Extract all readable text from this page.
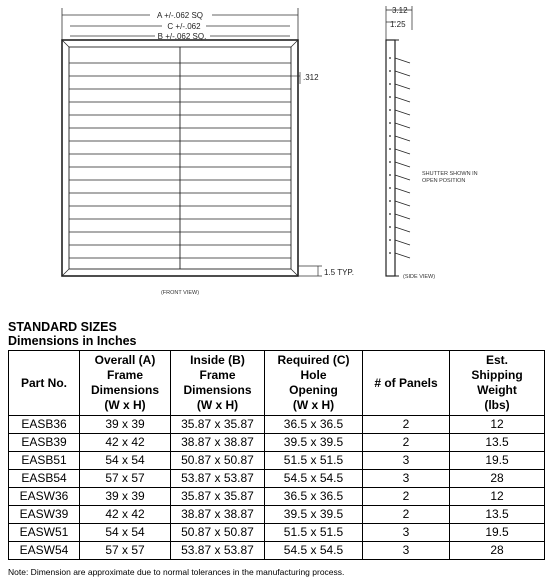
A +/-.062 SQ
C +/-.062
B +/-.062 SQ.
.312
1.5 TYP.
(FRONT VIEW)
3.12
1.25
SHUTTER SHOWN IN
OPEN POSITION
(SIDE VIEW)
STANDARD SIZES
Dimensions in Inches
Part No.	Overall (A)
Frame
Dimensions
(W x H)	Inside (B)
Frame
Dimensions
(W x H)	Required (C)
Hole
Opening
(W x H)	# of Panels	Est.
Shipping
Weight
(lbs)

EASB36	39 x 39	35.87 x 35.87	36.5 x 36.5	2	12
EASB39	42 x 42	38.87 x 38.87	39.5 x 39.5	2	13.5
EASB51	54 x 54	50.87 x 50.87	51.5 x 51.5	3	19.5
EASB54	57 x 57	53.87 x 53.87	54.5 x 54.5	3	28
EASW36	39 x 39	35.87 x 35.87	36.5 x 36.5	2	12
EASW39	42 x 42	38.87 x 38.87	39.5 x 39.5	2	13.5
EASW51	54 x 54	50.87 x 50.87	51.5 x 51.5	3	19.5
EASW54	57 x 57	53.87 x 53.87	54.5 x 54.5	3	28
Note: Dimension are approximate due to normal tolerances in the manufacturing process.
